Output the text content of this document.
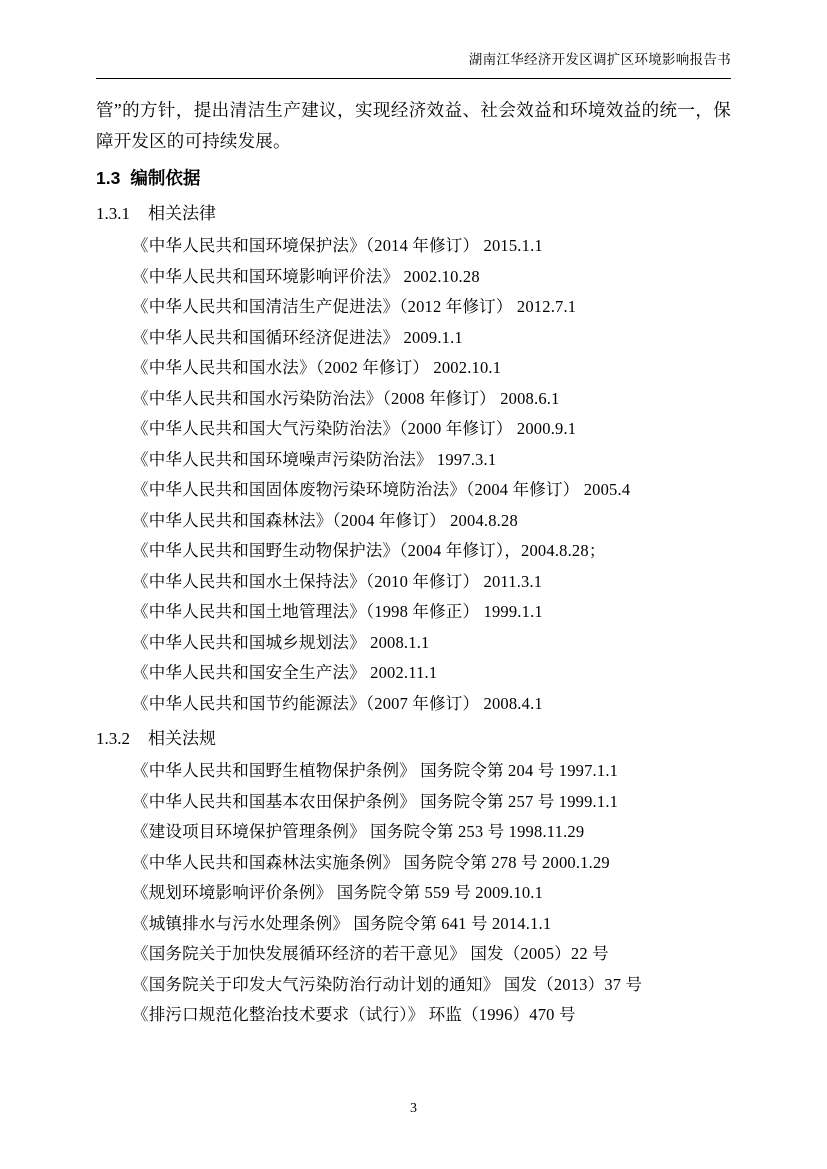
湖南江华经济开发区调扩区环境影响报告书

管”的方针，提出清洁生产建议，实现经济效益、社会效益和环境效益的统一，保障开发区的可持续发展。

1.3 编制依据
1.3.1 相关法律
《中华人民共和国环境保护法》（2014 年修订） 2015.1.1
《中华人民共和国环境影响评价法》 2002.10.28
《中华人民共和国清洁生产促进法》（2012 年修订） 2012.7.1
《中华人民共和国循环经济促进法》 2009.1.1
《中华人民共和国水法》（2002 年修订） 2002.10.1
《中华人民共和国水污染防治法》（2008 年修订） 2008.6.1
《中华人民共和国大气污染防治法》（2000 年修订） 2000.9.1
《中华人民共和国环境噪声污染防治法》 1997.3.1
《中华人民共和国固体废物污染环境防治法》（2004 年修订） 2005.4
《中华人民共和国森林法》（2004 年修订） 2004.8.28
《中华人民共和国野生动物保护法》（2004 年修订），2004.8.28；
《中华人民共和国水土保持法》（2010 年修订） 2011.3.1
《中华人民共和国土地管理法》（1998 年修正） 1999.1.1
《中华人民共和国城乡规划法》 2008.1.1
《中华人民共和国安全生产法》 2002.11.1
《中华人民共和国节约能源法》（2007 年修订） 2008.4.1
1.3.2 相关法规
《中华人民共和国野生植物保护条例》 国务院令第 204 号 1997.1.1
《中华人民共和国基本农田保护条例》 国务院令第 257 号 1999.1.1
《建设项目环境保护管理条例》 国务院令第 253 号 1998.11.29
《中华人民共和国森林法实施条例》 国务院令第 278 号 2000.1.29
《规划环境影响评价条例》 国务院令第 559 号 2009.10.1
《城镇排水与污水处理条例》 国务院令第 641 号 2014.1.1
《国务院关于加快发展循环经济的若干意见》 国发（2005）22 号
《国务院关于印发大气污染防治行动计划的通知》 国发（2013）37 号
《排污口规范化整治技术要求（试行）》 环监（1996）470 号
3
